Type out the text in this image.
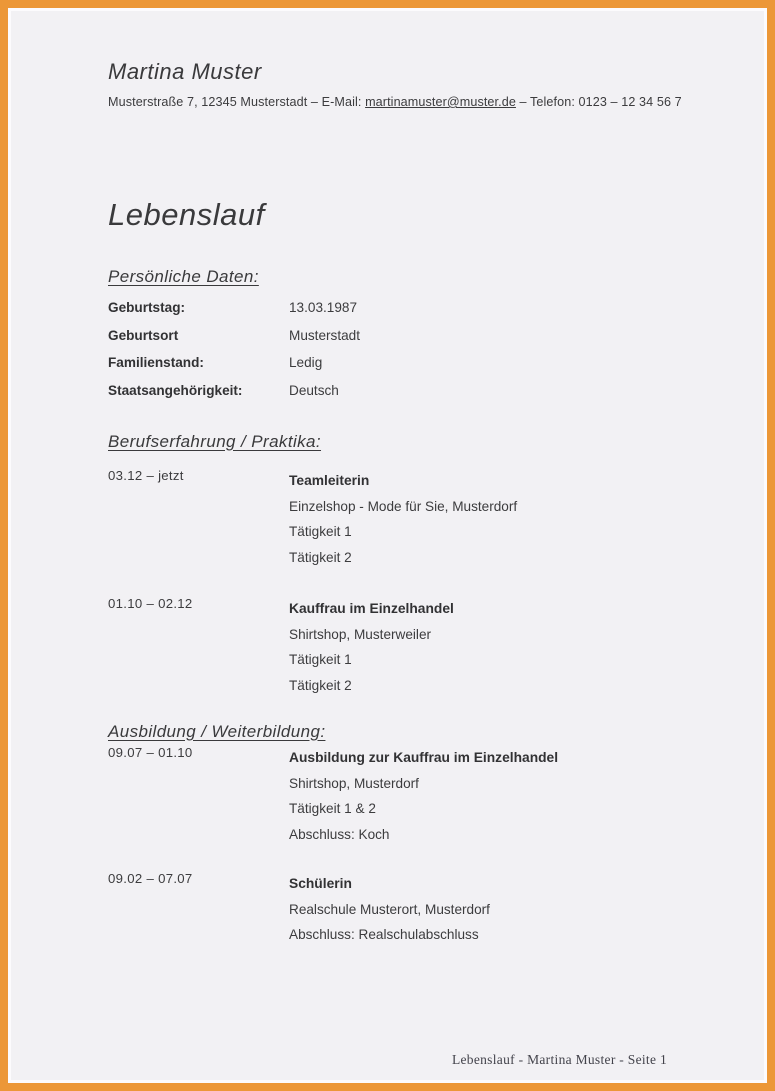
Martina Muster
Musterstraße 7, 12345 Musterstadt – E-Mail: martinamuster@muster.de – Telefon: 0123 – 12 34 56 7
Lebenslauf
Persönliche Daten:
Geburtstag:	13.03.1987
Geburtsort	Musterstadt
Familienstand:	Ledig
Staatsangehörigkeit:	Deutsch
Berufserfahrung / Praktika:
03.12 – jetzt	Teamleiterin
Einzelshop - Mode für Sie, Musterdorf
Tätigkeit 1
Tätigkeit 2
01.10 – 02.12	Kauffrau im Einzelhandel
Shirtshop, Musterweiler
Tätigkeit 1
Tätigkeit 2
Ausbildung / Weiterbildung:
09.07 – 01.10	Ausbildung zur Kauffrau im Einzelhandel
Shirtshop, Musterdorf
Tätigkeit 1 & 2
Abschluss: Koch
09.02 – 07.07	Schülerin
Realschule Musterort, Musterdorf
Abschluss: Realschulabschluss
Lebenslauf - Martina Muster - Seite 1
